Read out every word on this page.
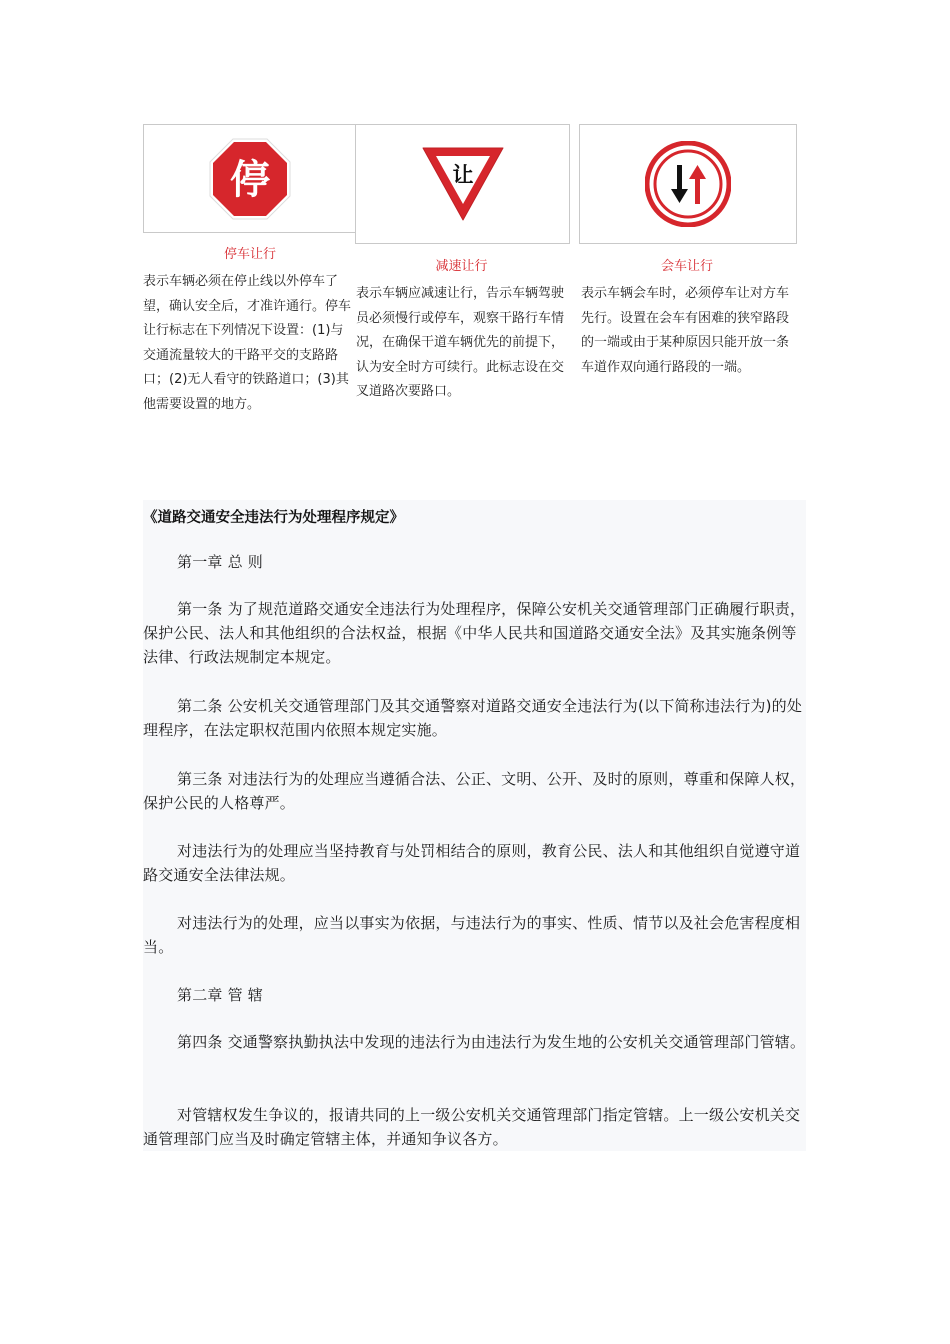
停
停车让行

表示车辆必须在停止线以外停车了望，确认安全后，才准许通行。停车让行标志在下列情况下设置：(1)与交通流量较大的干路平交的支路路口；(2)无人看守的铁路道口；(3)其他需要设置的地方。

让
减速让行

表示车辆应减速让行，告示车辆驾驶员必须慢行或停车，观察干路行车情况，在确保干道车辆优先的前提下，认为安全时方可续行。此标志设在交叉道路次要路口。

会车让行

表示车辆会车时，必须停车让对方车先行。设置在会车有困难的狭窄路段的一端或由于某种原因只能开放一条车道作双向通行路段的一端。

《道路交通安全违法行为处理程序规定》

第一章 总 则

第一条 为了规范道路交通安全违法行为处理程序，保障公安机关交通管理部门正确履行职责，保护公民、法人和其他组织的合法权益，根据《中华人民共和国道路交通安全法》及其实施条例等法律、行政法规制定本规定。

第二条 公安机关交通管理部门及其交通警察对道路交通安全违法行为(以下简称违法行为)的处理程序，在法定职权范围内依照本规定实施。

第三条 对违法行为的处理应当遵循合法、公正、文明、公开、及时的原则，尊重和保障人权，保护公民的人格尊严。

对违法行为的处理应当坚持教育与处罚相结合的原则，教育公民、法人和其他组织自觉遵守道路交通安全法律法规。

对违法行为的处理，应当以事实为依据，与违法行为的事实、性质、情节以及社会危害程度相当。

第二章 管 辖

第四条 交通警察执勤执法中发现的违法行为由违法行为发生地的公安机关交通管理部门管辖。

对管辖权发生争议的，报请共同的上一级公安机关交通管理部门指定管辖。上一级公安机关交通管理部门应当及时确定管辖主体，并通知争议各方。
